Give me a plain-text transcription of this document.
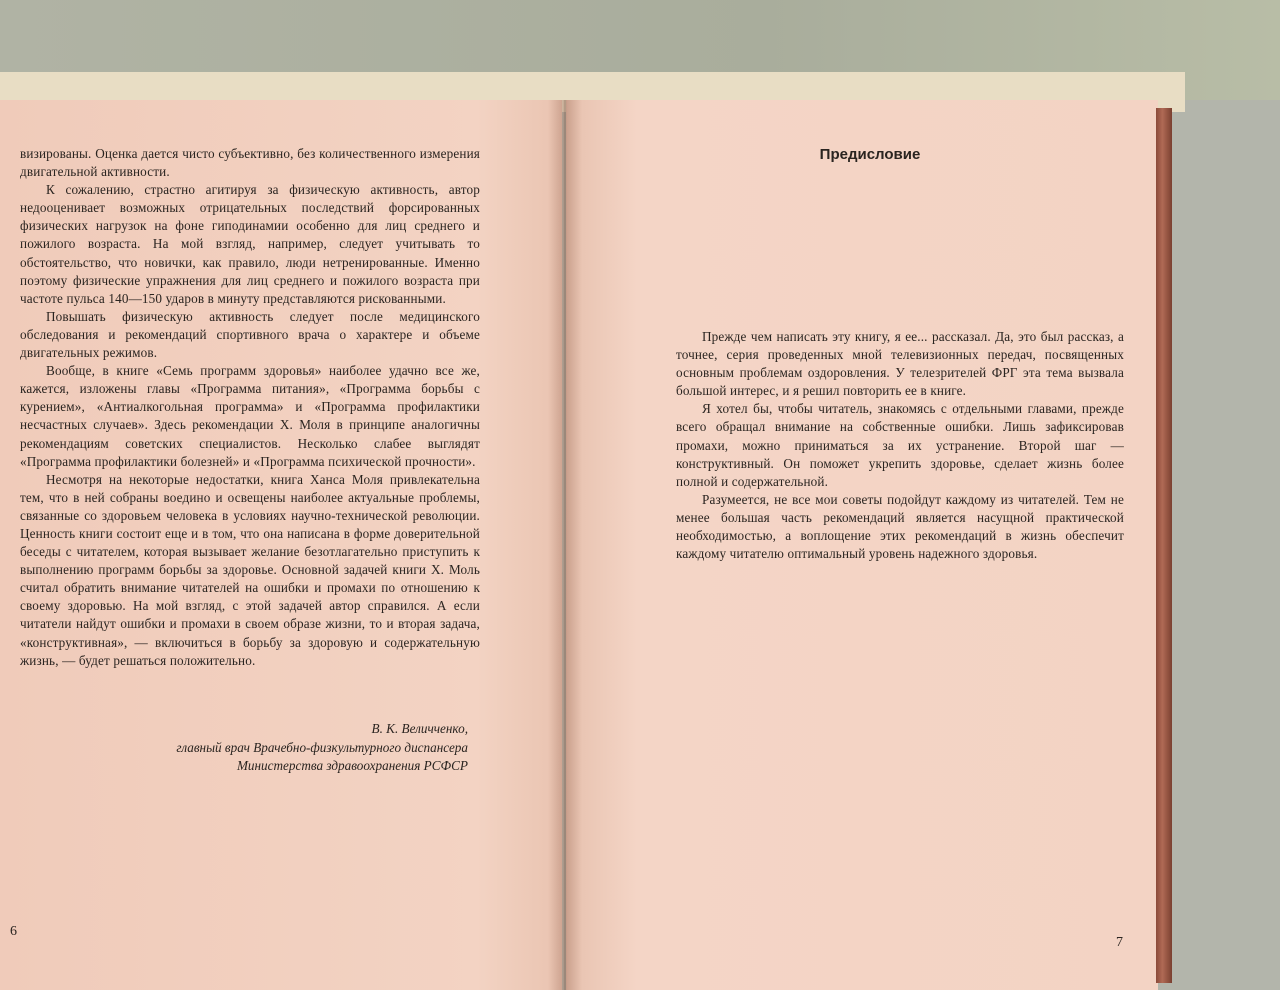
визированы. Оценка дается чисто субъективно, без количественного измерения двигательной активности.

К сожалению, страстно агитируя за физическую активность, автор недооценивает возможных отрицательных последствий форсированных физических нагрузок на фоне гиподинамии особенно для лиц среднего и пожилого возраста. На мой взгляд, например, следует учитывать то обстоятельство, что новички, как правило, люди нетренированные. Именно поэтому физические упражнения для лиц среднего и пожилого возраста при частоте пульса 140—150 ударов в минуту представляются рискованными.

Повышать физическую активность следует после медицинского обследования и рекомендаций спортивного врача о характере и объеме двигательных режимов.

Вообще, в книге «Семь программ здоровья» наиболее удачно все же, кажется, изложены главы «Программа питания», «Программа борьбы с курением», «Антиалкогольная программа» и «Программа профилактики несчастных случаев». Здесь рекомендации Х. Моля в принципе аналогичны рекомендациям советских специалистов. Несколько слабее выглядят «Программа профилактики болезней» и «Программа психической прочности».

Несмотря на некоторые недостатки, книга Ханса Моля привлекательна тем, что в ней собраны воедино и освещены наиболее актуальные проблемы, связанные со здоровьем человека в условиях научно-технической революции. Ценность книги состоит еще и в том, что она написана в форме доверительной беседы с читателем, которая вызывает желание безотлагательно приступить к выполнению программ борьбы за здоровье. Основной задачей книги Х. Моль считал обратить внимание читателей на ошибки и промахи по отношению к своему здоровью. На мой взгляд, с этой задачей автор справился. А если читатели найдут ошибки и промахи в своем образе жизни, то и вторая задача, «конструктивная», — включиться в борьбу за здоровую и содержательную жизнь, — будет решаться положительно.

В. К. Величченко,
главный врач Врачебно-физкультурного диспансера
Министерства здравоохранения РСФСР
6
Предисловие

Прежде чем написать эту книгу, я ее... рассказал. Да, это был рассказ, а точнее, серия проведенных мной телевизионных передач, посвященных основным проблемам оздоровления. У телезрителей ФРГ эта тема вызвала большой интерес, и я решил повторить ее в книге.

Я хотел бы, чтобы читатель, знакомясь с отдельными главами, прежде всего обращал внимание на собственные ошибки. Лишь зафиксировав промахи, можно приниматься за их устранение. Второй шаг — конструктивный. Он поможет укрепить здоровье, сделает жизнь более полной и содержательной.

Разумеется, не все мои советы подойдут каждому из читателей. Тем не менее большая часть рекомендаций является насущной практической необходимостью, а воплощение этих рекомендаций в жизнь обеспечит каждому читателю оптимальный уровень надежного здоровья.

7
